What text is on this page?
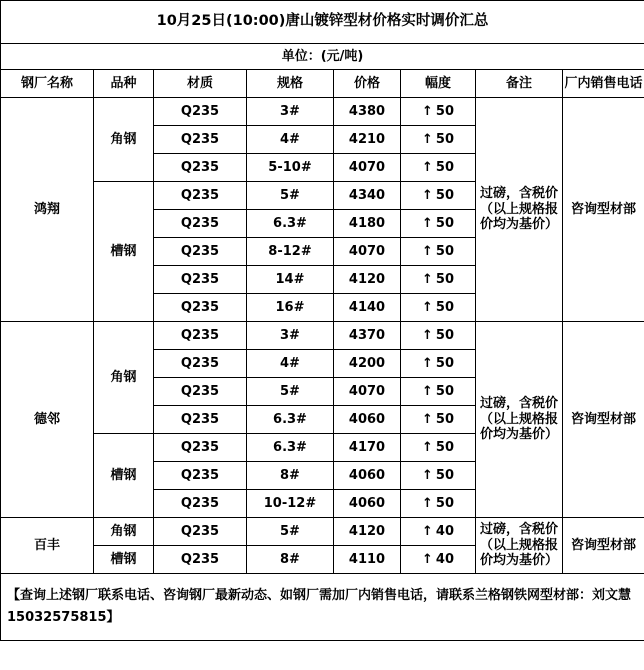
10月25日(10:00)唐山镀锌型材价格实时调价汇总							
单位：(元/吨)							
钢厂名称	品种	材质	规格	价格	幅度	备注	厂内销售电话
鸿翔	角钢	Q235	3#	4380	↑ 50	过磅，含税价（以上规格报价均为基价）	咨询型材部
		Q235	4#	4210	↑ 50		
		Q235	5-10#	4070	↑ 50		
	槽钢	Q235	5#	4340	↑ 50		
		Q235	6.3#	4180	↑ 50		
		Q235	8-12#	4070	↑ 50		
		Q235	14#	4120	↑ 50		
		Q235	16#	4140	↑ 50		
德邻	角钢	Q235	3#	4370	↑ 50	过磅，含税价（以上规格报价均为基价）	咨询型材部
		Q235	4#	4200	↑ 50		
		Q235	5#	4070	↑ 50		
		Q235	6.3#	4060	↑ 50		
	槽钢	Q235	6.3#	4170	↑ 50		
		Q235	8#	4060	↑ 50		
		Q235	10-12#	4060	↑ 50		
百丰	角钢	Q235	5#	4120	↑ 40	过磅，含税价（以上规格报价均为基价）	咨询型材部
	槽钢	Q235	8#	4110	↑ 40		
【查询上述钢厂联系电话、咨询钢厂最新动态、如钢厂需加厂内销售电话，请联系兰格钢铁网型材部：刘文慧15032575815】							
